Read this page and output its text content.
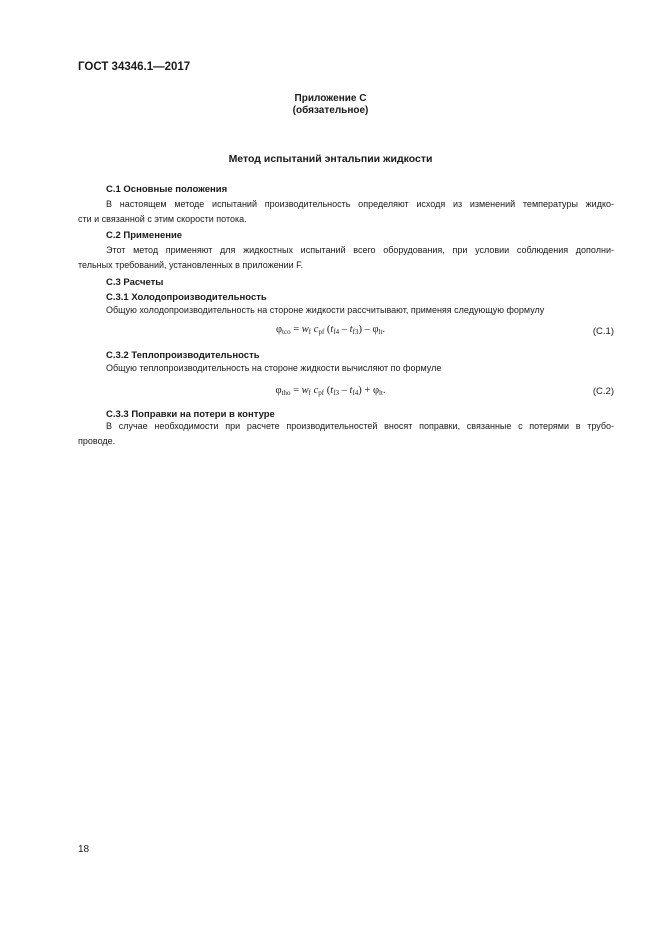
ГОСТ 34346.1—2017
Приложение С
(обязательное)
Метод испытаний энтальпии жидкости
С.1 Основные положения
В настоящем методе испытаний производительность определяют исходя из изменений температуры жидко-
сти и связанной с этим скорости потока.
С.2 Применение
Этот метод применяют для жидкостных испытаний всего оборудования, при условии соблюдения дополни-
тельных требований, установленных в приложении F.
С.3 Расчеты
С.3.1 Холодопроизводительность
Общую холодопроизводительность на стороне жидкости рассчитывают, применяя следующую формулу
$\varphi_{tco} = w_f$ $c_{pf}$ $(t_{f4} - t_{f3}) - \varphi_{lt}$.	(C.1)
С.3.2 Теплопроизводительность
Общую теплопроизводительность на стороне жидкости вычисляют по формуле
$\varphi_{tho} = w_f$ $c_{pf}$ $(t_{f3} - t_{f4}) + \varphi_{lt}$.	(C.2)
С.3.3 Поправки на потери в контуре
В случае необходимости при расчете производительностей вносят поправки, связанные с потерями в трубо-
проводе.
18
